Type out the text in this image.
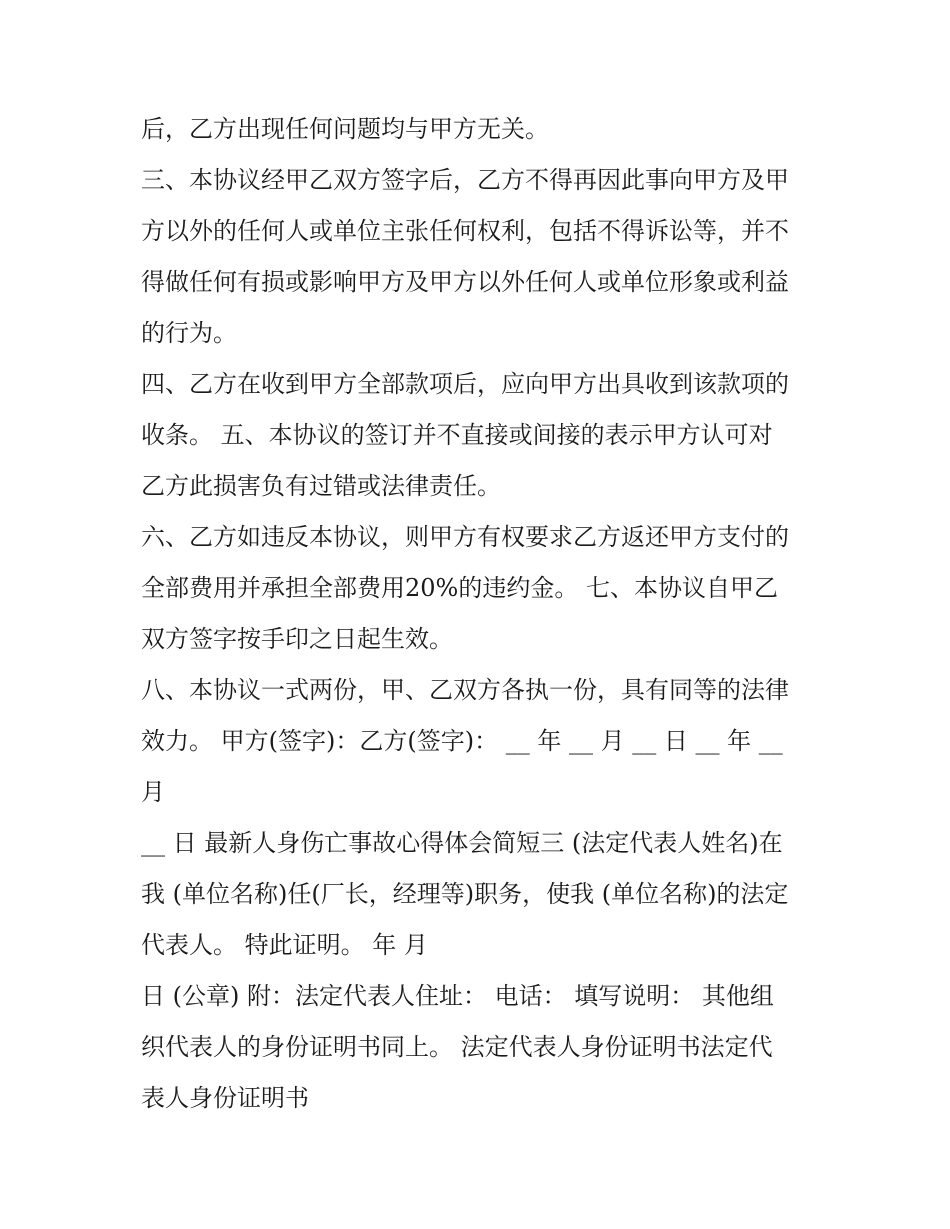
后，乙方出现任何问题均与甲方无关。
三、本协议经甲乙双方签字后，乙方不得再因此事向甲方及甲
方以外的任何人或单位主张任何权利，包括不得诉讼等，并不
得做任何有损或影响甲方及甲方以外任何人或单位形象或利益
的行为。
四、乙方在收到甲方全部款项后，应向甲方出具收到该款项的
收条。 五、本协议的签订并不直接或间接的表示甲方认可对
乙方此损害负有过错或法律责任。
六、乙方如违反本协议，则甲方有权要求乙方返还甲方支付的
全部费用并承担全部费用20%的违约金。 七、本协议自甲乙
双方签字按手印之日起生效。
八、本协议一式两份，甲、乙双方各执一份，具有同等的法律
效力。 甲方(签字)：乙方(签字)： __ 年 __ 月 __ 日 __ 年 __
月
__ 日 最新人身伤亡事故心得体会简短三 (法定代表人姓名)在
我 (单位名称)任(厂长，经理等)职务，使我 (单位名称)的法定
代表人。 特此证明。 年 月
日 (公章) 附：法定代表人住址： 电话： 填写说明： 其他组
织代表人的身份证明书同上。 法定代表人身份证明书法定代
表人身份证明书
